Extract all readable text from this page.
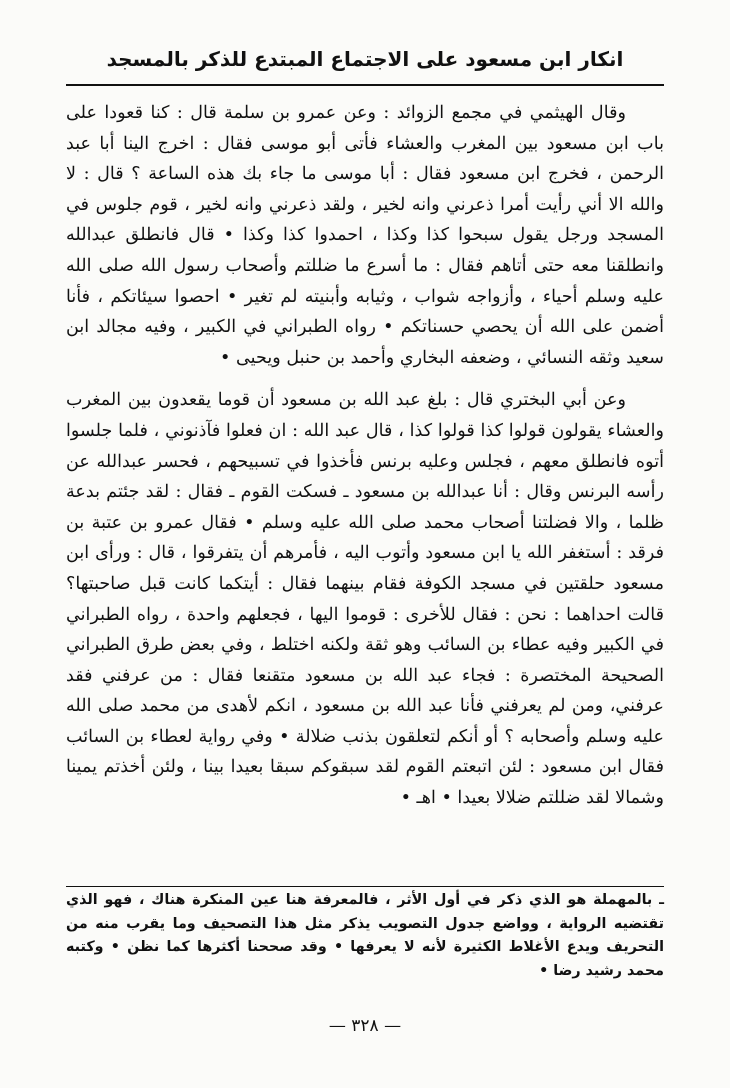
انكار ابن مسعود على الاجتماع المبتدع للذكر بالمسجد

وقال الهيثمي في مجمع الزوائد : وعن عمرو بن سلمة قال : كنا قعودا على باب ابن مسعود بين المغرب والعشاء فأتى أبو موسى فقال : اخرج الينا أبا عبد الرحمن ، فخرج ابن مسعود فقال : أبا موسى ما جاء بك هذه الساعة ؟ قال : لا والله الا أني رأيت أمرا ذعرني وانه لخير ، ولقد ذعرني وانه لخير ، قوم جلوس في المسجد ورجل يقول سبحوا كذا وكذا ، احمدوا كذا وكذا • قال فانطلق عبدالله وانطلقنا معه حتى أتاهم فقال : ما أسرع ما ضللتم وأصحاب رسول الله صلى الله عليه وسلم أحياء ، وأزواجه شواب ، وثيابه وأبنيته لم تغير • احصوا سيئاتكم ، فأنا أضمن على الله أن يحصي حسناتكم • رواه الطبراني في الكبير ، وفيه مجالد ابن سعيد وثقه النسائي ، وضعفه البخاري وأحمد بن حنبل ويحيى •

وعن أبي البختري قال : بلغ عبد الله بن مسعود أن قوما يقعدون بين المغرب والعشاء يقولون قولوا كذا قولوا كذا ، قال عبد الله : ان فعلوا فآذنوني ، فلما جلسوا أتوه فانطلق معهم ، فجلس وعليه برنس فأخذوا في تسبيحهم ، فحسر عبدالله عن رأسه البرنس وقال : أنا عبدالله بن مسعود ـ فسكت القوم ـ فقال : لقد جئتم بدعة ظلما ، والا فضلتنا أصحاب محمد صلى الله عليه وسلم • فقال عمرو بن عتبة بن فرقد : أستغفر الله يا ابن مسعود وأتوب اليه ، فأمرهم أن يتفرقوا ، قال : ورأى ابن مسعود حلقتين في مسجد الكوفة فقام بينهما فقال : أيتكما كانت قبل صاحبتها؟ قالت احداهما : نحن : فقال للأخرى : قوموا اليها ، فجعلهم واحدة ، رواه الطبراني في الكبير وفيه عطاء بن السائب وهو ثقة ولكنه اختلط ، وفي بعض طرق الطبراني الصحيحة المختصرة : فجاء عبد الله بن مسعود متقنعا فقال : من عرفني فقد عرفني، ومن لم يعرفني فأنا عبد الله بن مسعود ، انكم لأهدى من محمد صلى الله عليه وسلم وأصحابه ؟ أو أنكم لتعلقون بذنب ضلالة • وفي رواية لعطاء بن السائب فقال ابن مسعود : لئن اتبعتم القوم لقد سبقوكم سبقا بعيدا بينا ، ولئن أخذتم يمينا وشمالا لقد ضللتم ضلالا بعيدا • اهـ •

ـ بالمهملة هو الذي ذكر في أول الأثر ، فالمعرفة هنا عين المنكرة هناك ، فهو الذي تقتضيه الرواية ، وواضع جدول التصويب يذكر مثل هذا التصحيف وما يقرب منه من التحريف ويدع الأغلاط الكثيرة لأنه لا يعرفها • وقد صححنا أكثرها كما نظن • وكتبه محمد رشيد رضا •
— ٣٢٨ —
